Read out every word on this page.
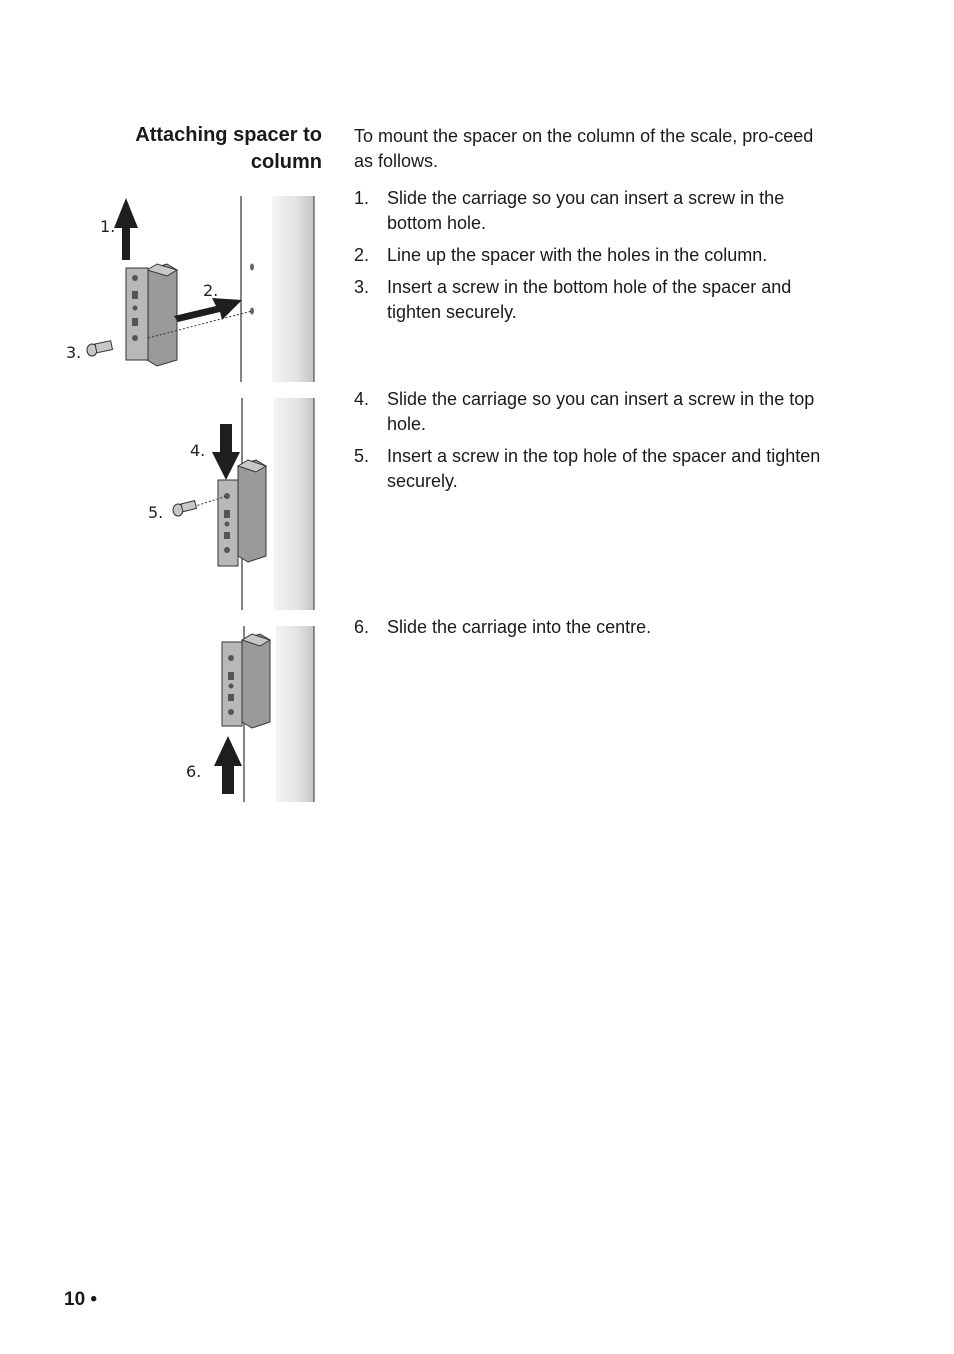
Attaching spacer to column

To mount the spacer on the column of the scale, pro-ceed as follows.

1. Slide the carriage so you can insert a screw in the bottom hole.
2. Line up the spacer with the holes in the column.
3. Insert a screw in the bottom hole of the spacer and tighten securely.
4. Slide the carriage so you can insert a screw in the top hole.
5. Insert a screw in the top hole of the spacer and tighten securely.
6. Slide the carriage into the centre.
1.
2.
3.
4.
5.
6.
10 •
